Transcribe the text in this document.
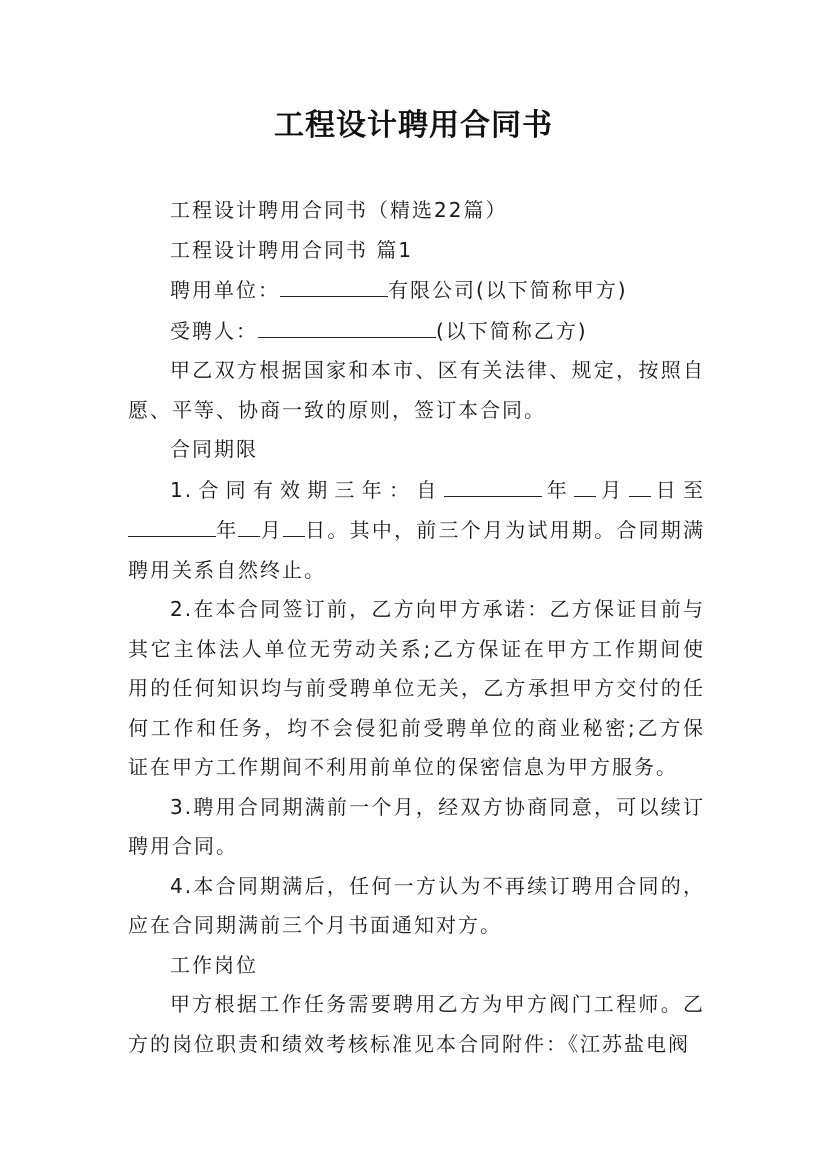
工程设计聘用合同书

工程设计聘用合同书（精选22篇）

工程设计聘用合同书 篇1

聘用单位：	有限公司(以下简称甲方)

受聘人：	(以下简称乙方)

甲乙双方根据国家和本市、区有关法律、规定，按照自愿、平等、协商一致的原则，签订本合同。

合同期限

1.合同有效期三年：自	年 月 日至年 月 日。其中，前三个月为试用期。合同期满聘用关系自然终止。

2.在本合同签订前，乙方向甲方承诺：乙方保证目前与其它主体法人单位无劳动关系;乙方保证在甲方工作期间使用的任何知识均与前受聘单位无关，乙方承担甲方交付的任何工作和任务，均不会侵犯前受聘单位的商业秘密;乙方保证在甲方工作期间不利用前单位的保密信息为甲方服务。

3.聘用合同期满前一个月，经双方协商同意，可以续订聘用合同。

4.本合同期满后，任何一方认为不再续订聘用合同的，应在合同期满前三个月书面通知对方。

工作岗位

甲方根据工作任务需要聘用乙方为甲方阀门工程师。乙方的岗位职责和绩效考核标准见本合同附件：《江苏盐电阀
